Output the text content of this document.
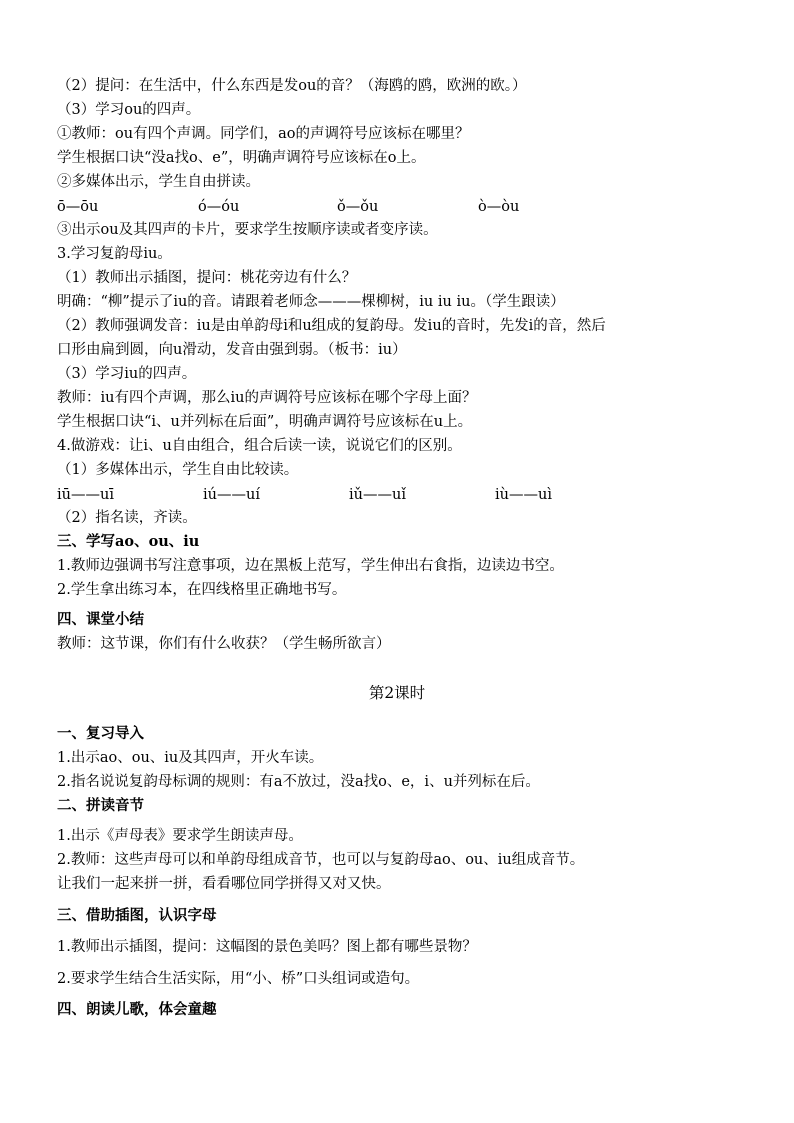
（2）提问：在生活中，什么东西是发ou的音？（海鸥的鸥，欧洲的欧。）
（3）学习ou的四声。
①教师：ou有四个声调。同学们，ao的声调符号应该标在哪里？
学生根据口诀“没a找o、e”，明确声调符号应该标在o上。
②多媒体出示，学生自由拼读。
ō—ōu	ó—óu	ǒ—ǒu	ò—òu
③出示ou及其四声的卡片，要求学生按顺序读或者变序读。
3.学习复韵母iu。
（1）教师出示插图，提问：桃花旁边有什么？
明确：“柳”提示了iu的音。请跟着老师念———棵柳树，iu iu iu。（学生跟读）
（2）教师强调发音：iu是由单韵母i和u组成的复韵母。发iu的音时，先发i的音，然后
口形由扁到圆，向u滑动，发音由强到弱。（板书：iu）
（3）学习iu的四声。
教师：iu有四个声调，那么iu的声调符号应该标在哪个字母上面？
学生根据口诀“i、u并列标在后面”，明确声调符号应该标在u上。
4.做游戏：让i、u自由组合，组合后读一读，说说它们的区别。
（1）多媒体出示，学生自由比较读。
iū——uī	iú——uí	iǔ——uǐ	iù——uì
（2）指名读，齐读。
三、学写ao、ou、iu
1.教师边强调书写注意事项，边在黑板上范写，学生伸出右食指，边读边书空。
2.学生拿出练习本，在四线格里正确地书写。
四、课堂小结
教师：这节课，你们有什么收获？（学生畅所欲言）
第2课时
一、复习导入
1.出示ao、ou、iu及其四声，开火车读。
2.指名说说复韵母标调的规则：有a不放过，没a找o、e，i、u并列标在后。
二、拼读音节
1.出示《声母表》要求学生朗读声母。
2.教师：这些声母可以和单韵母组成音节，也可以与复韵母ao、ou、iu组成音节。
让我们一起来拼一拼，看看哪位同学拼得又对又快。
三、借助插图，认识字母
1.教师出示插图，提问：这幅图的景色美吗？图上都有哪些景物？
2.要求学生结合生活实际，用“小、桥”口头组词或造句。
四、朗读儿歌，体会童趣
